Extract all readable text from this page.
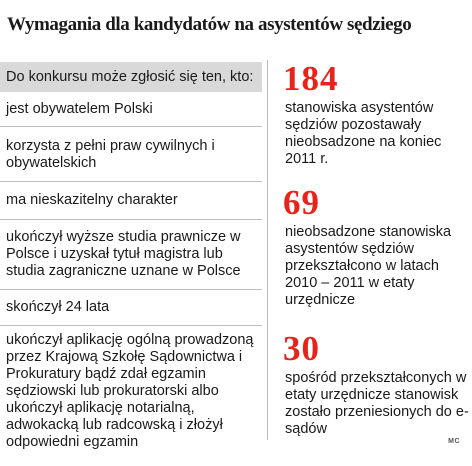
Wymagania dla kandydatów na asystentów sędziego
Do konkursu może zgłosić się ten, kto:
jest obywatelem Polski
korzysta z pełni praw cywilnych i obywatelskich
ma nieskazitelny charakter
ukończył wyższe studia prawnicze w Polsce i uzyskał tytuł magistra lub studia zagraniczne uznane w Polsce
skończył 24 lata
ukończył aplikację ogólną prowadzoną przez Krajową Szkołę Sądownictwa i Prokuratury bądź zdał egzamin sędziowski lub prokuratorski albo ukończył aplikację notarialną, adwokacką lub radcowską i złożył odpowiedni egzamin
184
stanowiska asystentów sędziów pozostawały nieobsadzone na koniec 2011 r.
69
nieobsadzone stanowiska asystentów sędziów przekształcono w latach 2010 – 2011 w etaty urzędnicze
30
spośród przekształconych w etaty urzędnicze stanowisk zostało przeniesionych do e-sądów
MC
